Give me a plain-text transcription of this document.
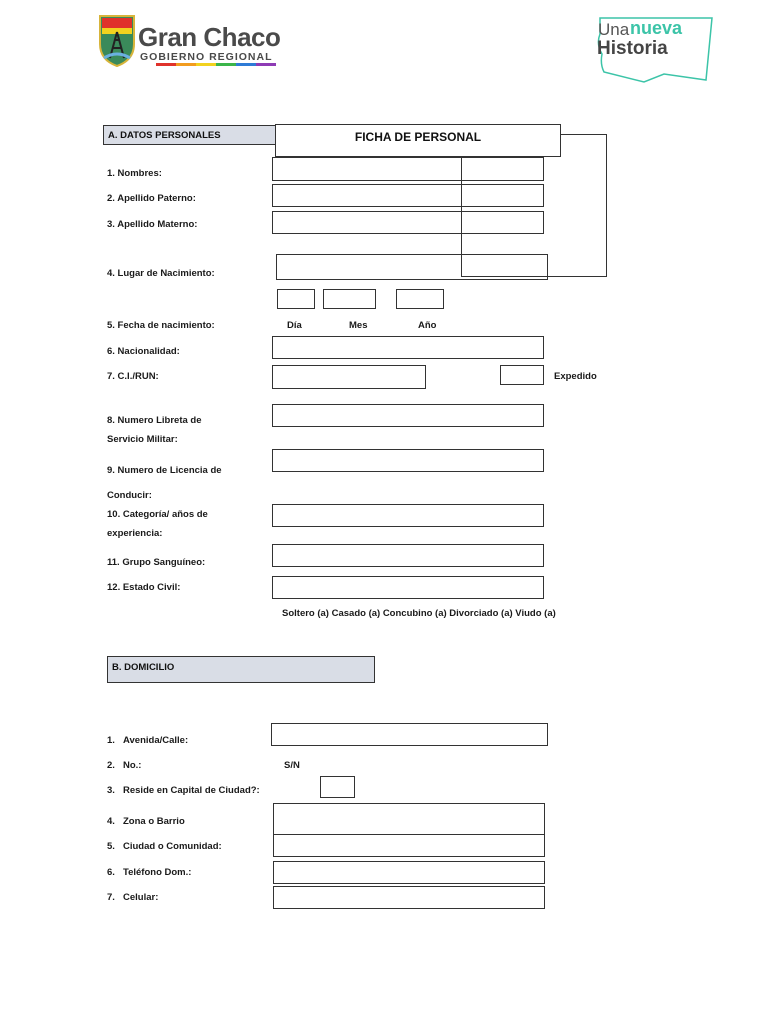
Gran Chaco
GOBIERNO REGIONAL
Una nueva
Historia
A. DATOS PERSONALES	FICHA DE PERSONAL
1. Nombres:
2. Apellido Paterno:
3. Apellido Materno:
4. Lugar de Nacimiento:
5. Fecha de nacimiento:	Día	Mes	Año
6. Nacionalidad:
7. C.I./RUN:	Expedido
8. Numero Libreta de
Servicio Militar:
9. Numero de Licencia de
Conducir:
10. Categoría/ años de
experiencia:
11. Grupo Sanguíneo:
12. Estado Civil:
Soltero (a) Casado (a) Concubino (a) Divorciado (a) Viudo (a)
B. DOMICILIO
1. Avenida/Calle:
2. No.:	S/N
3. Reside en Capital de Ciudad?:
4. Zona o Barrio
5. Ciudad o Comunidad:
6. Teléfono Dom.:
7. Celular:
